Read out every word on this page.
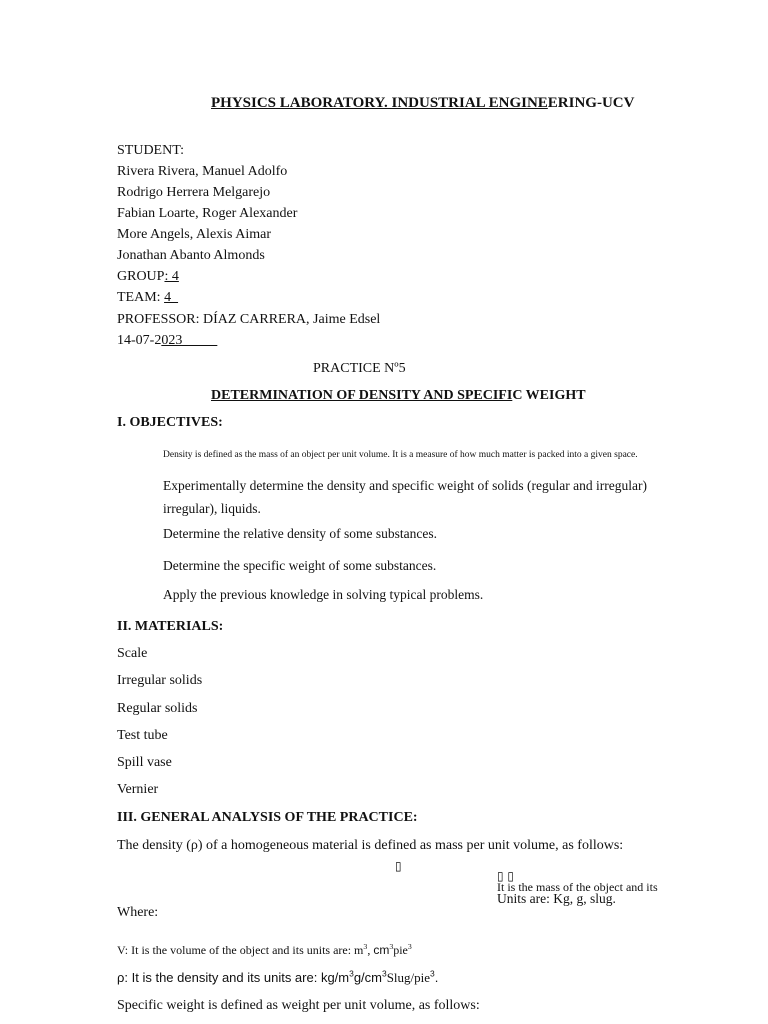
PHYSICS LABORATORY. INDUSTRIAL ENGINEERING-UCV
STUDENT:
Rivera Rivera, Manuel Adolfo
Rodrigo Herrera Melgarejo
Fabian Loarte, Roger Alexander
More Angels, Alexis Aimar
Jonathan Abanto Almonds
GROUP: 4
TEAM: 4
PROFESSOR: DÍAZ CARRERA, Jaime Edsel
14-07-2023
PRACTICE Nº5
DETERMINATION OF DENSITY AND SPECIFIC WEIGHT
I. OBJECTIVES:
Density is defined as the mass of an object per unit volume. It is a measure of how much matter is packed into a given space.
Experimentally determine the density and specific weight of solids (regular and irregular)
irregular), liquids.
Determine the relative density of some substances.
Determine the specific weight of some substances.
Apply the previous knowledge in solving typical problems.
II. MATERIALS:
Scale
Irregular solids
Regular solids
Test tube
Spill vase
Vernier
III. GENERAL ANALYSIS OF THE PRACTICE:
The density (ρ) of a homogeneous material is defined as mass per unit volume, as follows:
▯
▯ ▯
It is the mass of the object and its
Units are: Kg, g, slug.
Where:
V: It is the volume of the object and its units are: $m^3$, $cm^3pie^3$
ρ: It is the density and its units are: $kg/m^3g/cm^3Slug/pie^3$.
Specific weight is defined as weight per unit volume, as follows:
